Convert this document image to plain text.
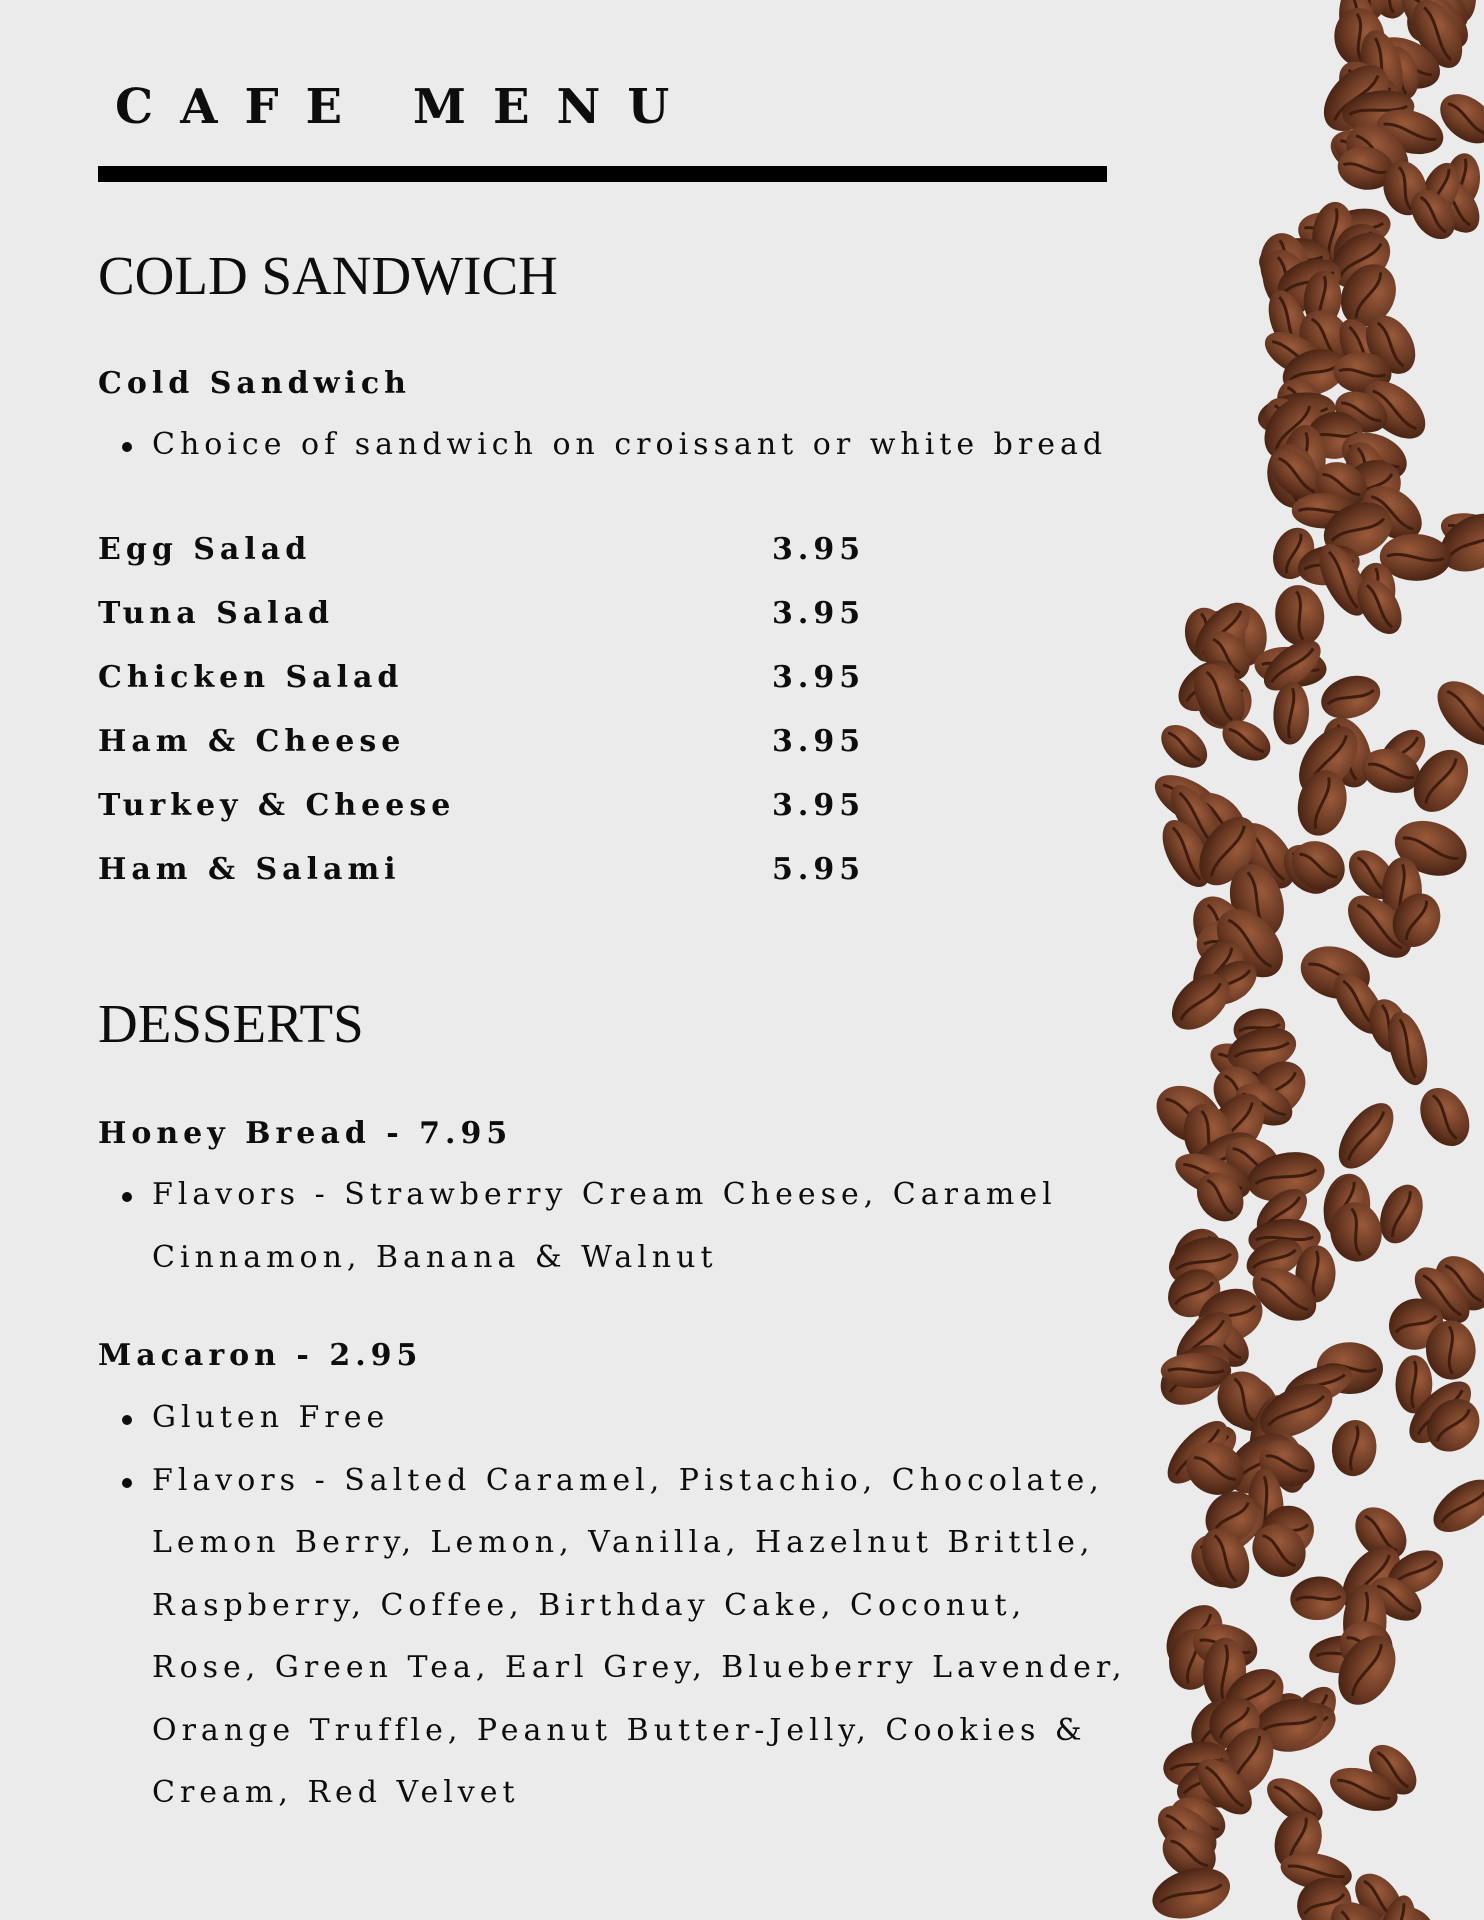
CAFE MENU
COLD SANDWICH
Cold Sandwich
Choice of sandwich on croissant or white bread
Egg Salad	3.95
Tuna Salad	3.95
Chicken Salad	3.95
Ham & Cheese	3.95
Turkey & Cheese	3.95
Ham & Salami	5.95
DESSERTS
Honey Bread - 7.95
Flavors - Strawberry Cream Cheese, Caramel Cinnamon, Banana & Walnut
Macaron - 2.95
Gluten Free
Flavors - Salted Caramel, Pistachio, Chocolate, Lemon Berry, Lemon, Vanilla, Hazelnut Brittle, Raspberry, Coffee, Birthday Cake, Coconut, Rose, Green Tea, Earl Grey, Blueberry Lavender, Orange Truffle, Peanut Butter-Jelly, Cookies & Cream, Red Velvet
